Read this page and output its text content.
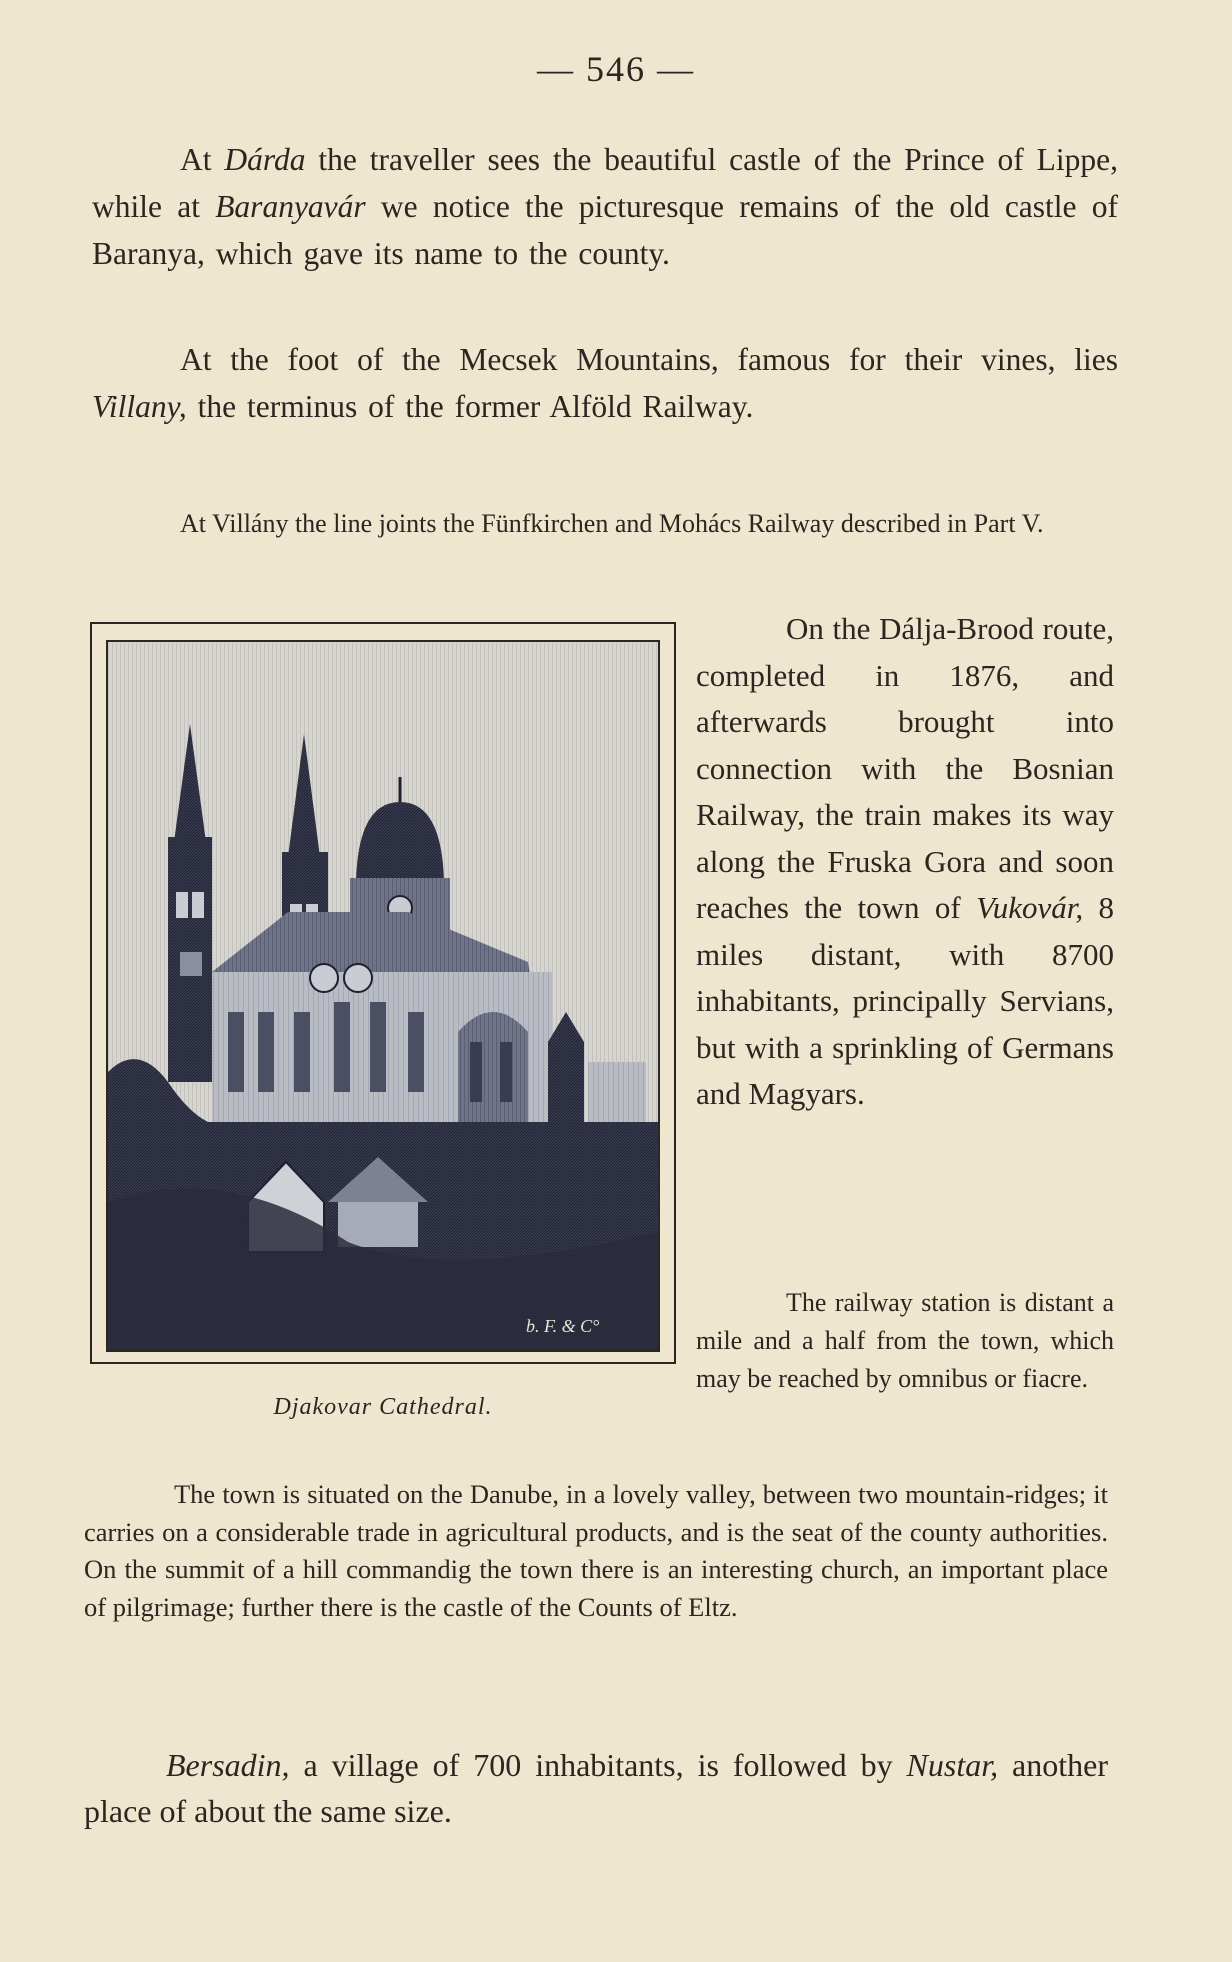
— 546 —
At Dárda the traveller sees the beautiful castle of the Prince of Lippe, while at Baranyavár we notice the picturesque remains of the old castle of Baranya, which gave its name to the county.
At the foot of the Mecsek Mountains, famous for their vines, lies Villany, the terminus of the former Alföld Railway.
At Villány the line joints the Fünfkirchen and Mohács Railway described in Part V.
b. F. & C°
Djakovar Cathedral.
On the Dálja-Brood route, completed in 1876, and afterwards brought into connection with the Bosnian Railway, the train makes its way along the Fruska Gora and soon reaches the town of Vukovár, 8 miles distant, with 8700 inhabitants, principally Servians, but with a sprinkling of Germans and Magyars.
The railway station is distant a mile and a half from the town, which may be reached by omnibus or fiacre.
The town is situated on the Danube, in a lovely valley, between two mountain-ridges; it carries on a considerable trade in agricultural products, and is the seat of the county authorities. On the summit of a hill commandig the town there is an interesting church, an important place of pilgrimage; further there is the castle of the Counts of Eltz.
Bersadin, a village of 700 inhabitants, is followed by Nustar, another place of about the same size.
